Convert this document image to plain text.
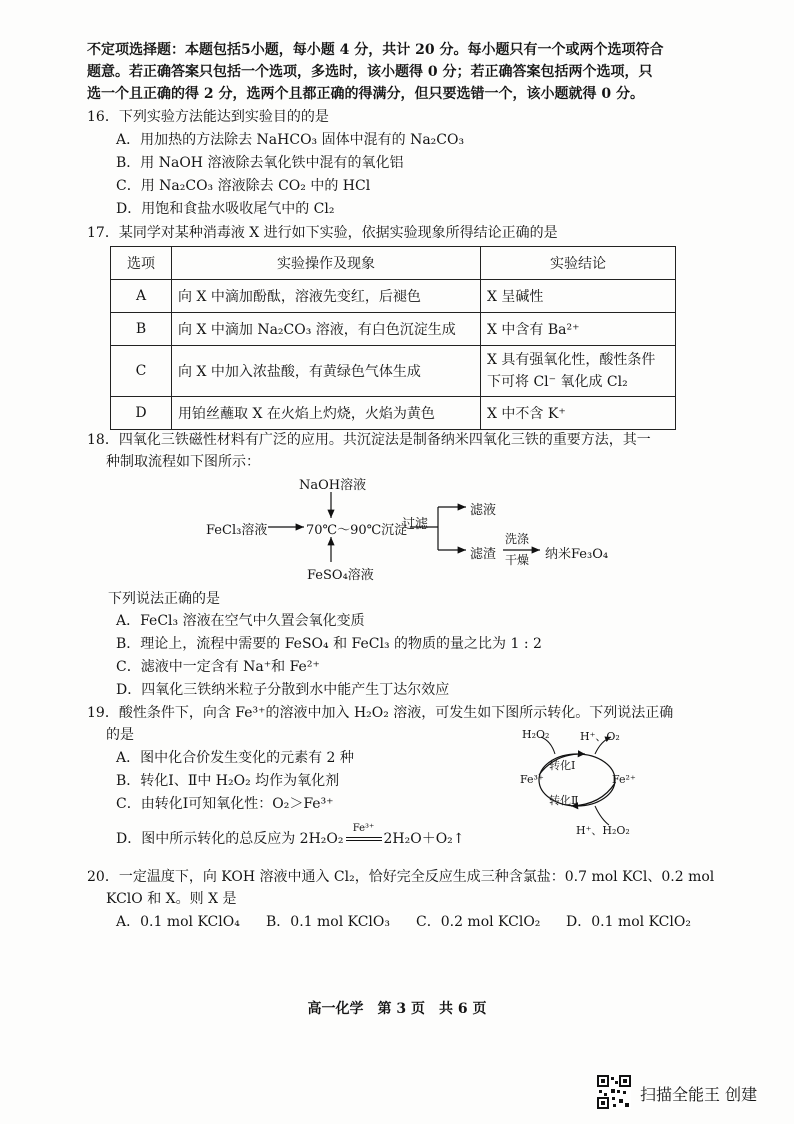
不定项选择题：本题包括5小题，每小题 4 分，共计 20 分。每小题只有一个或两个选项符合
题意。若正确答案只包括一个选项，多选时，该小题得 0 分；若正确答案包括两个选项，只
选一个且正确的得 2 分，选两个且都正确的得满分，但只要选错一个，该小题就得 0 分。
16．下列实验方法能达到实验目的的是
A．用加热的方法除去 NaHCO₃ 固体中混有的 Na₂CO₃
B．用 NaOH 溶液除去氧化铁中混有的氧化铝
C．用 Na₂CO₃ 溶液除去 CO₂ 中的 HCl
D．用饱和食盐水吸收尾气中的 Cl₂
17．某同学对某种消毒液 X 进行如下实验，依据实验现象所得结论正确的是
选项	实验操作及现象	实验结论
A	向 X 中滴加酚酞，溶液先变红，后褪色	X 呈碱性
B	向 X 中滴加 Na₂CO₃ 溶液，有白色沉淀生成	X 中含有 Ba²⁺
C	向 X 中加入浓盐酸，有黄绿色气体生成	X 具有强氧化性，酸性条件下可将 Cl⁻ 氧化成 Cl₂
D	用铂丝蘸取 X 在火焰上灼烧，火焰为黄色	X 中不含 K⁺
18．四氧化三铁磁性材料有广泛的应用。共沉淀法是制备纳米四氧化三铁的重要方法，其一
种制取流程如下图所示：
NaOH溶液
FeCl₃溶液	70℃～90℃沉淀
过滤
滤液
滤渣
洗涤
干燥 纳米Fe₃O₄
FeSO₄溶液
下列说法正确的是
A．FeCl₃ 溶液在空气中久置会氧化变质
B．理论上，流程中需要的 FeSO₄ 和 FeCl₃ 的物质的量之比为 1 : 2
C．滤液中一定含有 Na⁺和 Fe²⁺
D．四氧化三铁纳米粒子分散到水中能产生丁达尔效应
19．酸性条件下，向含 Fe³⁺的溶液中加入 H₂O₂ 溶液，可发生如下图所示转化。下列说法正确
的是
A．图中化合价发生变化的元素有 2 种
B．转化Ⅰ、Ⅱ中 H₂O₂ 均作为氧化剂
C．由转化Ⅰ可知氧化性：O₂＞Fe³⁺
D．图中所示转化的总反应为 2H₂O₂
Fe³⁺
2H₂O＋O₂↑
H₂O₂	H⁺、O₂
转化Ⅰ
Fe³⁺	Fe²⁺
转化Ⅱ
H⁺、H₂O₂
20．一定温度下，向 KOH 溶液中通入 Cl₂，恰好完全反应生成三种含氯盐：0.7 mol KCl、0.2 mol
KClO 和 X。则 X 是
A．0.1 mol KClO₄ B．0.1 mol KClO₃ C．0.2 mol KClO₂ D．0.1 mol KClO₂
高一化学　第 3 页　共 6 页
扫描全能王 创建
